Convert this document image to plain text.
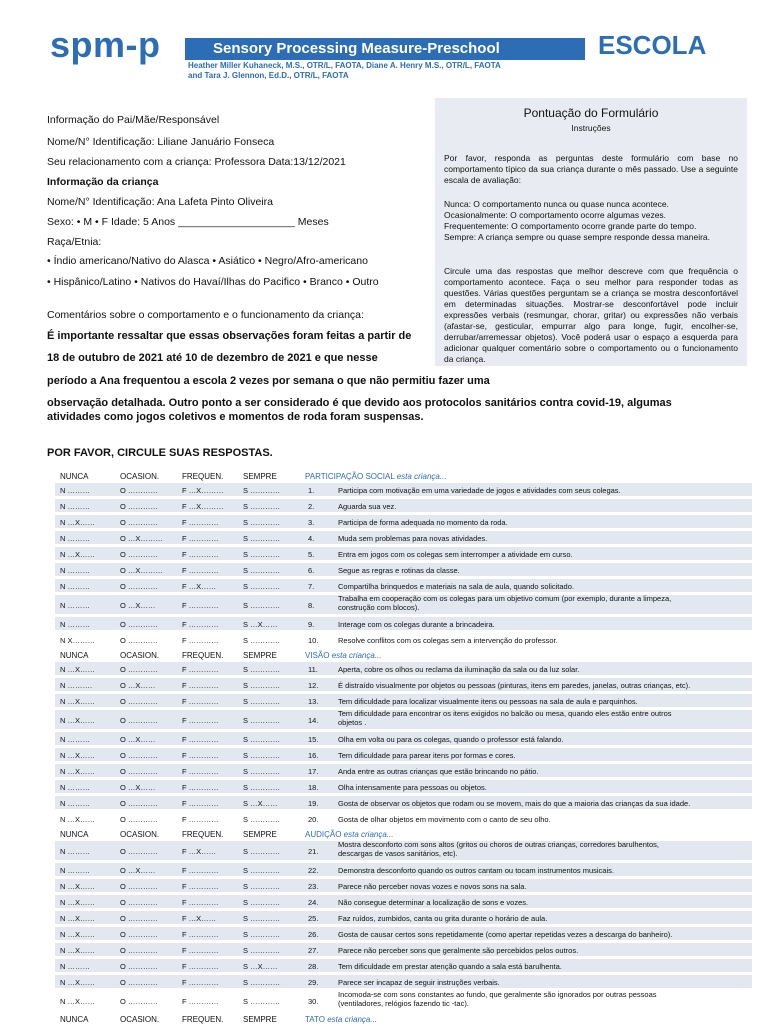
spm-p	Sensory Processing Measure-Preschool	ESCOLA
Heather Miller Kuhaneck, M.S., OTR/L, FAOTA, Diane A. Henry M.S., OTR/L, FAOTA
and Tara J. Glennon, Ed.D., OTR/L, FAOTA
Informação do Pai/Mãe/Responsável
Nome/N° Identificação: Liliane Januário Fonseca
Seu relacionamento com a criança: Professora Data:13/12/2021
Informação da criança
Nome/N° Identificação: Ana Lafeta Pinto Oliveira
Sexo: • M • F Idade: 5 Anos ____________________ Meses
Raça/Etnia:
• Índio americano/Nativo do Alasca • Asiático • Negro/Afro-americano
• Hispânico/Latino • Nativos do Havaí/Ilhas do Pacifico • Branco • Outro
Pontuação do Formulário
Instruções
Por favor, responda as perguntas deste formulário com base no comportamento típico da sua criança durante o mês passado. Use a seguinte escala de avaliação:
Nunca: O comportamento nunca ou quase nunca acontece.
Ocasionalmente: O comportamento ocorre algumas vezes.
Frequentemente: O comportamento ocorre grande parte do tempo.
Sempre: A criança sempre ou quase sempre responde dessa maneira.
Circule uma das respostas que melhor descreve com que frequência o comportamento acontece. Faça o seu melhor para responder todas as questões. Várias questões perguntam se a criança se mostra desconfortável em determinadas situações. Mostrar-se desconfortável pode incluir expressões verbais (resmungar, chorar, gritar) ou expressões não verbais (afastar-se, gesticular, empurrar algo para longe, fugir, encolher-se, derrubar/arremessar objetos). Você poderá usar o espaço a esquerda para adicionar qualquer comentário sobre o comportamento ou o funcionamento da criança.
Comentários sobre o comportamento e o funcionamento da criança:
É importante ressaltar que essas observações foram feitas a partir de
18 de outubro de 2021 até 10 de dezembro de 2021 e que nesse
período a Ana frequentou a escola 2 vezes por semana o que não permitiu fazer uma
observação detalhada. Outro ponto a ser considerado é que devido aos protocolos sanitários contra covid-19, algumas
atividades como jogos coletivos e momentos de roda foram suspensas.
POR FAVOR, CIRCULE SUAS RESPOSTAS.
NUNCA	OCASION.	FREQUEN. SEMPRE	PARTICIPAÇÃO SOCIAL esta criança...
N ………	O …………	F …X………	S …………	1.	Participa com motivação em uma variedade de jogos e atividades com seus colegas.
N ………	O …………	F …X………	S …………	2.	Aguarda sua vez.
N …X……	O …………	F …………	S …………	3.	Participa de forma adequada no momento da roda.
N ………	O …X………	F …………	S …………	4.	Muda sem problemas para novas atividades.
N …X……	O …………	F …………	S …………	5.	Entra em jogos com os colegas sem interromper a atividade em curso.
N ………	O …X………	F …………	S …………	6.	Segue as regras e rotinas da classe.
N ………	O …………	F …X……	S …………	7.	Compartilha brinquedos e materiais na sala de aula, quando solicitado.
N ………	O …X……	F …………	S …………	8.
Trabalha em cooperação com os colegas para um objetivo comum (por exemplo, durante a limpeza,
construção com blocos).
N ………	O …………	F …………	S …X……	9.	Interage com os colegas durante a brincadeira.
N X………	O …………	F …………	S …………	10.	Resolve conflitos com os colegas sem a intervenção do professor.
NUNCA	OCASION.	FREQUEN. SEMPRE	VISÃO esta criança...
N …X……	O …………	F …………	S …………	11.	Aperta, cobre os olhos ou reclama da iluminação da sala ou da luz solar.
N ……….	O …X……	F …………	S …………	12.	É distraído visualmente por objetos ou pessoas (pinturas, itens em paredes, janelas, outras crianças, etc).
N …X……	O …………	F …………	S …………	13.	Tem dificuldade para localizar visualmente itens ou pessoas na sala de aula e parquinhos.
N …X……	O …………	F …………	S …………	14.
Tem dificuldade para encontrar os itens exigidos no balcão ou mesa, quando eles estão entre outros
objetos .
N ………	O …X……	F …………	S …………	15.	Olha em volta ou para os colegas, quando o professor está falando.
N …X……	O …………	F …………	S …………	16.	Tem dificuldade para parear itens por formas e cores.
N …X……	O …………	F …………	S …………	17.	Anda entre as outras crianças que estão brincando no pátio.
N ………	O …X……	F …………	S …………	18.	Olha intensamente para pessoas ou objetos.
N ………	O …………	F …………	S …X……	19.	Gosta de observar os objetos que rodam ou se movem, mais do que a maioria das crianças da sua idade.
N …X……	O …………	F …………	S …………	20.	Gosta de olhar objetos em movimento com o canto de seu olho.
NUNCA	OCASION.	FREQUEN. SEMPRE	AUDIÇÃO esta criança...
N ………	O …………	F …X……	S …………	21.
Mostra desconforto com sons altos (gritos ou choros de outras crianças, corredores barulhentos,
descargas de vasos sanitários, etc).
N ………	O …X……	F …………	S …………	22.	Demonstra desconforto quando os outros cantam ou tocam instrumentos musicais.
N …X……	O …………	F …………	S …………	23.	Parece não perceber novas vozes e novos sons na sala.
N …X……	O …………	F …………	S …………	24.	Não consegue determinar a localização de sons e vozes.
N …X……	O …………	F …X……	S …………	25.	Faz ruídos, zumbidos, canta ou grita durante o horário de aula.
N …X……	O …………	F …………	S …………	26.	Gosta de causar certos sons repetidamente (como apertar repetidas vezes a descarga do banheiro).
N …X……	O …………	F …………	S …………	27.	Parece não perceber sons que geralmente são percebidos pelos outros.
N ………	O …………	F …………	S …X……	28.	Tem dificuldade em prestar atenção quando a sala está barulhenta.
N …X……	O …………	F …………	S …………	29.	Parece ser incapaz de seguir instruções verbais.
N …X……	O …………	F …………	S …………	30.
Incomoda-se com sons constantes ao fundo, que geralmente são ignorados por outras pessoas
(ventiladores, relógios fazendo tic -tac).
NUNCA	OCASION.	FREQUEN. SEMPRE	TATO esta criança...
